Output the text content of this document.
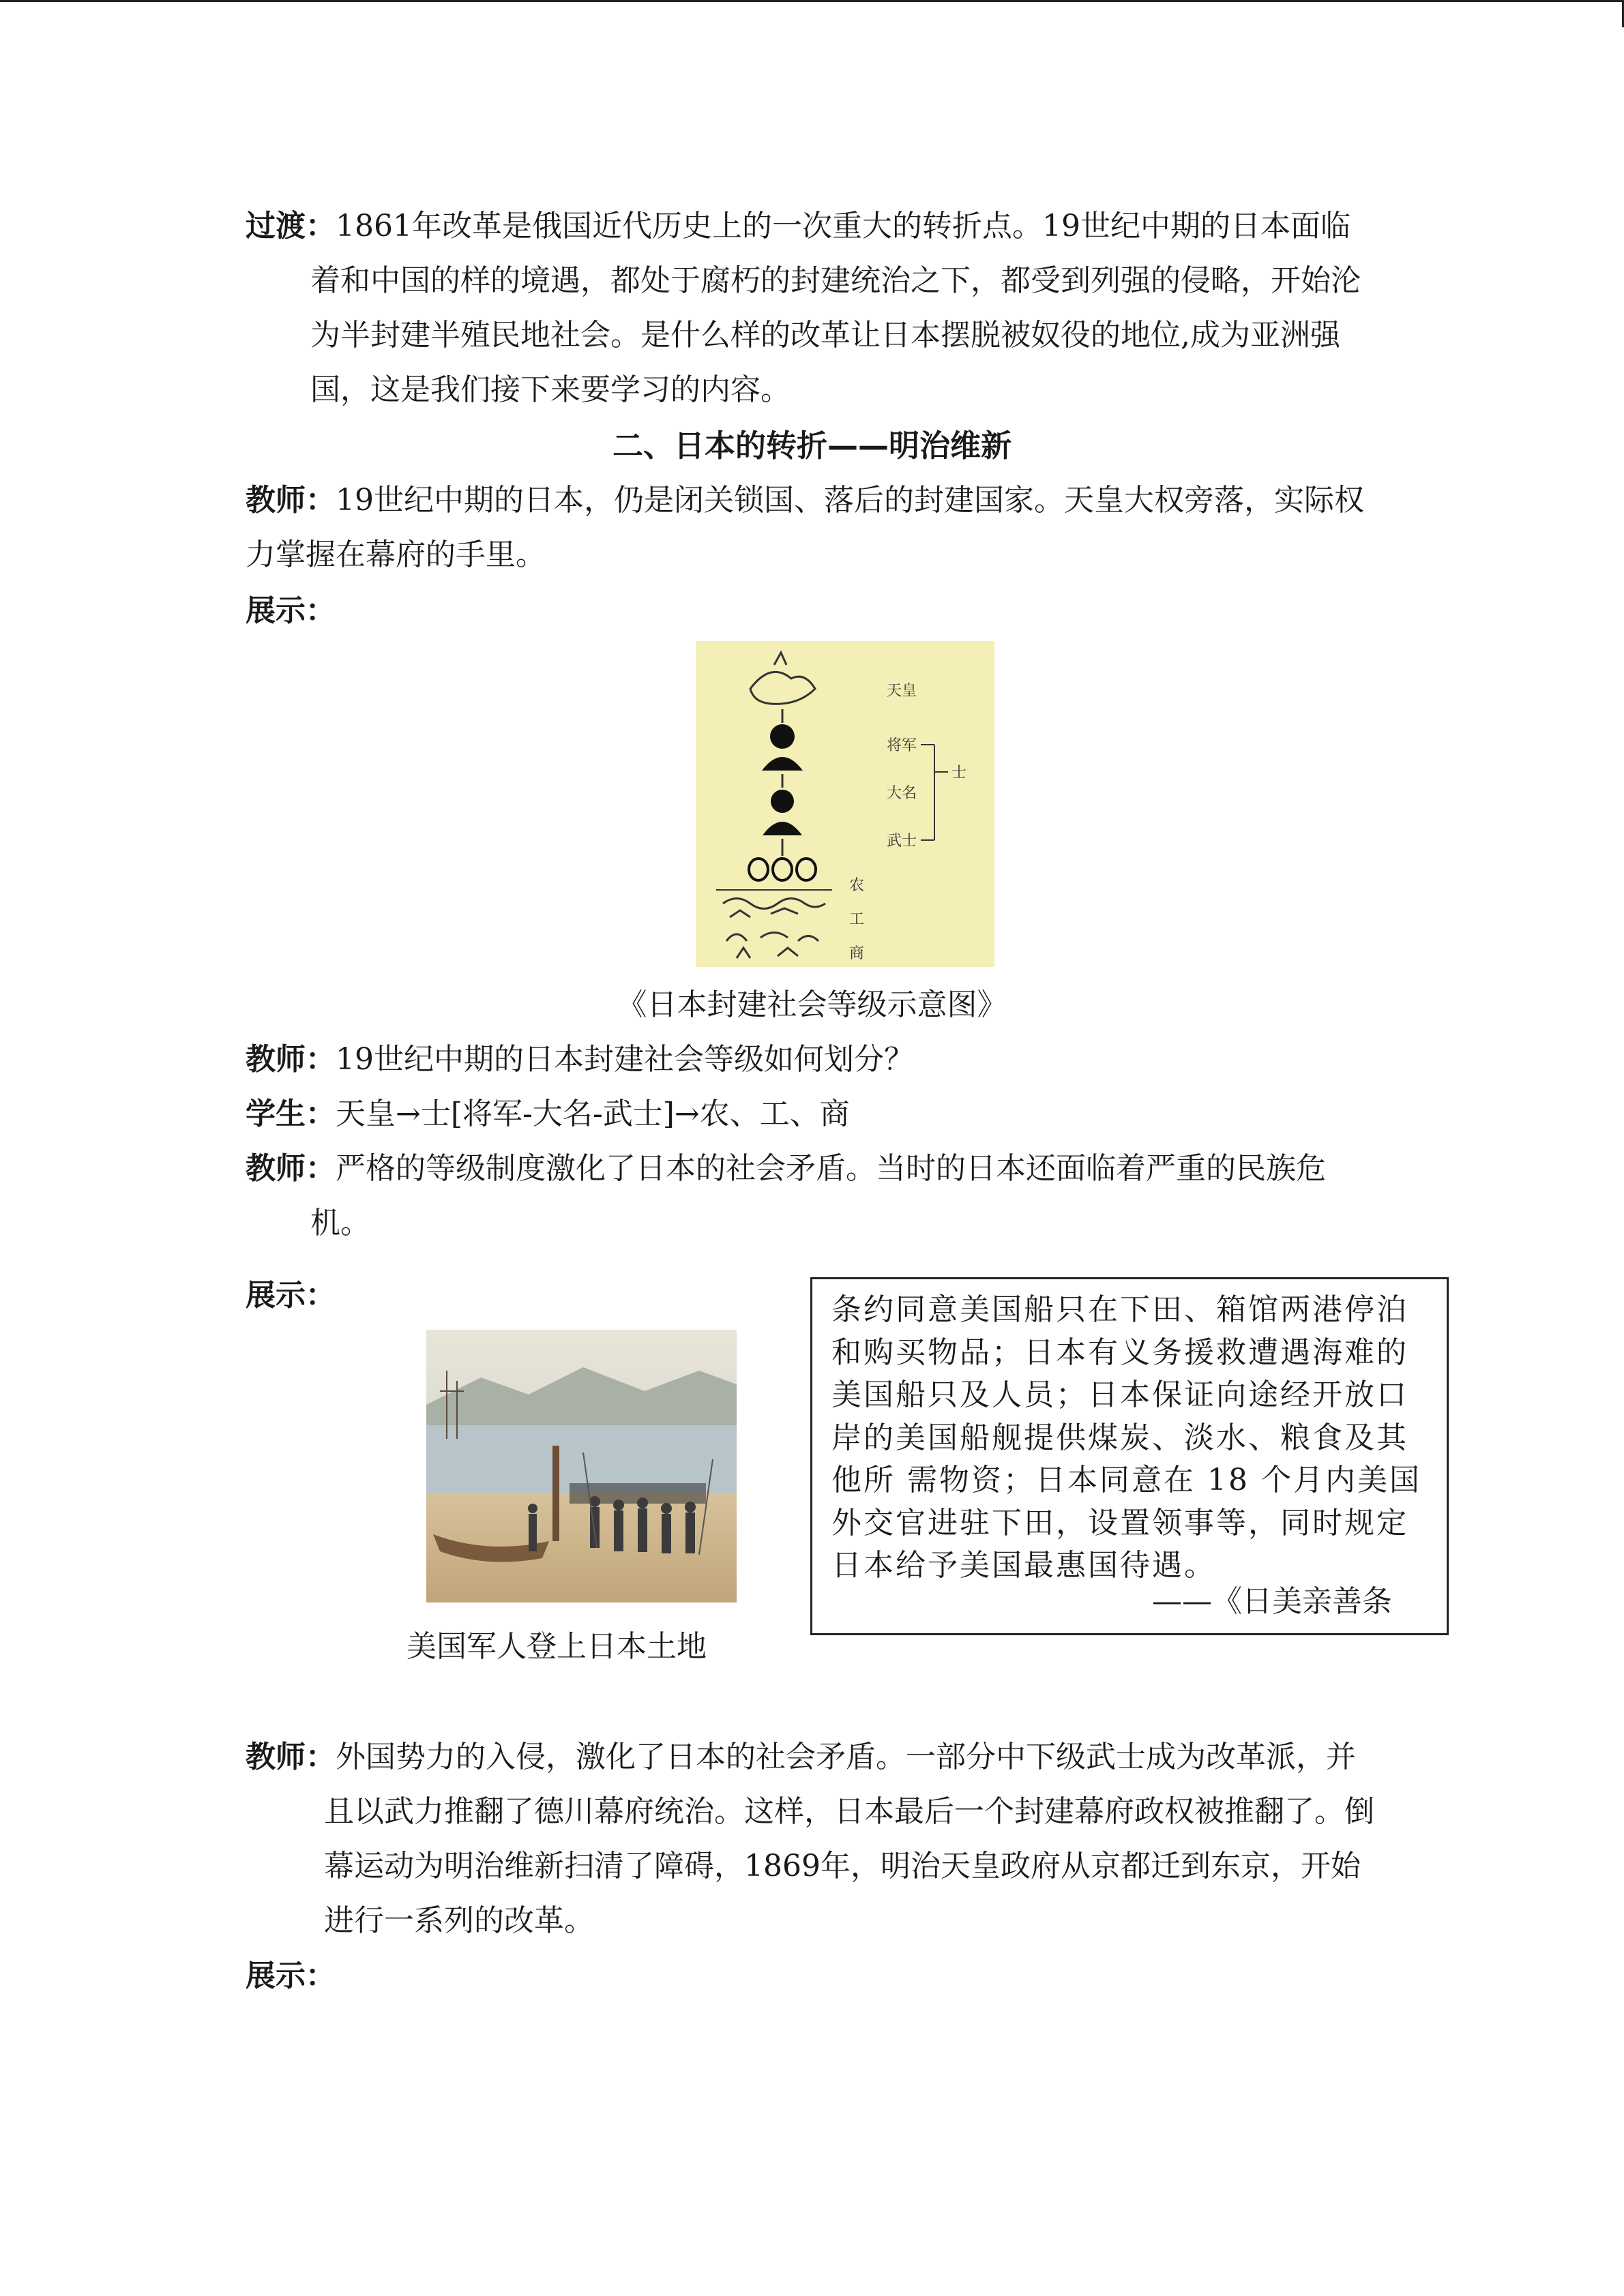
过渡：1861年改革是俄国近代历史上的一次重大的转折点。19世纪中期的日本面临着和中国的样的境遇，都处于腐朽的封建统治之下，都受到列强的侵略，开始沦为半封建半殖民地社会。是什么样的改革让日本摆脱被奴役的地位,成为亚洲强国，这是我们接下来要学习的内容。
二、日本的转折——明治维新
教师：19世纪中期的日本，仍是闭关锁国、落后的封建国家。天皇大权旁落，实际权力掌握在幕府的手里。
展示：
天皇
将军
大名
武士
士
农
工
商
《日本封建社会等级示意图》
教师：19世纪中期的日本封建社会等级如何划分？
学生：天皇→士[将军-大名-武士]→农、工、商
教师：严格的等级制度激化了日本的社会矛盾。当时的日本还面临着严重的民族危机。
展示：
美国军人登上日本土地
条约同意美国船只在下田、箱馆两港停泊和购买物品；日本有义务援救遭遇海难的美国船只及人员；日本保证向途经开放口岸的美国船舰提供煤炭、淡水、粮食及其他所 需物资；日本同意在 18 个月内美国外交官进驻下田，设置领事等，同时规定日本给予美国最惠国待遇。
——《日美亲善条
教师：外国势力的入侵，激化了日本的社会矛盾。一部分中下级武士成为改革派，并且以武力推翻了德川幕府统治。这样，日本最后一个封建幕府政权被推翻了。倒幕运动为明治维新扫清了障碍，1869年，明治天皇政府从京都迁到东京，开始进行一系列的改革。
展示：
